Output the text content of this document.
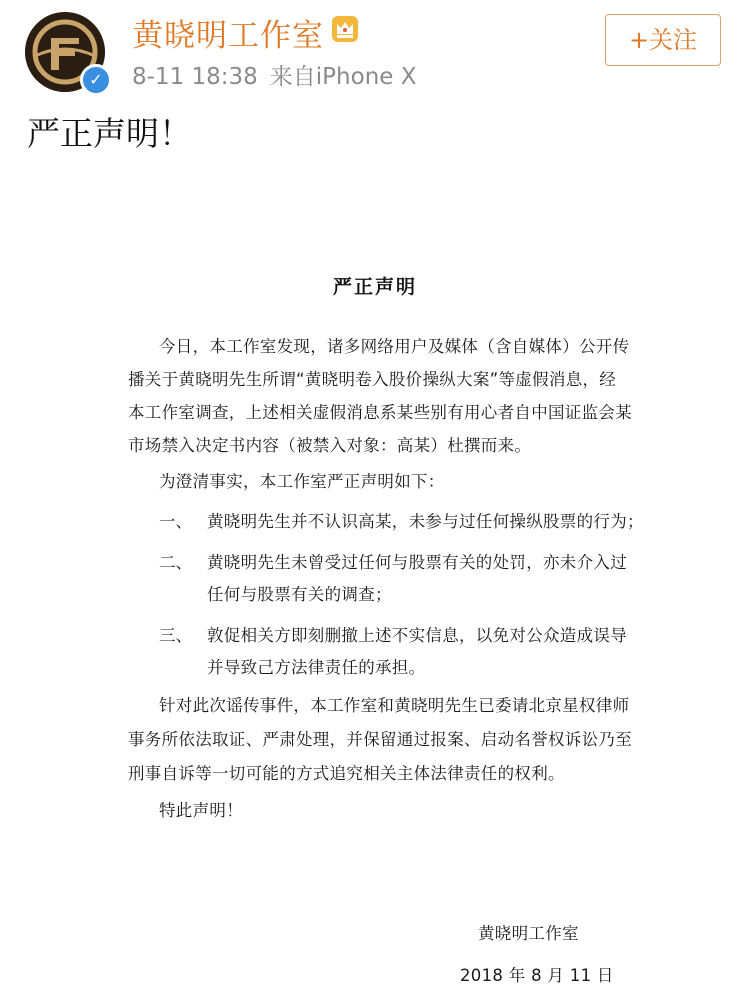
✓
黄晓明工作室
8-11 18:38 来自iPhone X
+关注
严正声明！
严正声明
今日，本工作室发现，诸多网络用户及媒体（含自媒体）公开传
播关于黄晓明先生所谓“黄晓明卷入股价操纵大案”等虚假消息，经
本工作室调查，上述相关虚假消息系某些别有用心者自中国证监会某
市场禁入决定书内容（被禁入对象：高某）杜撰而来。
为澄清事实，本工作室严正声明如下：
一、 黄晓明先生并不认识高某，未参与过任何操纵股票的行为；
二、 黄晓明先生未曾受过任何与股票有关的处罚，亦未介入过
任何与股票有关的调查；
三、 敦促相关方即刻删撤上述不实信息，以免对公众造成误导
并导致己方法律责任的承担。
针对此次谣传事件，本工作室和黄晓明先生已委请北京星权律师
事务所依法取证、严肃处理，并保留通过报案、启动名誉权诉讼乃至
刑事自诉等一切可能的方式追究相关主体法律责任的权利。
特此声明！
黄晓明工作室
2018 年 8 月 11 日
